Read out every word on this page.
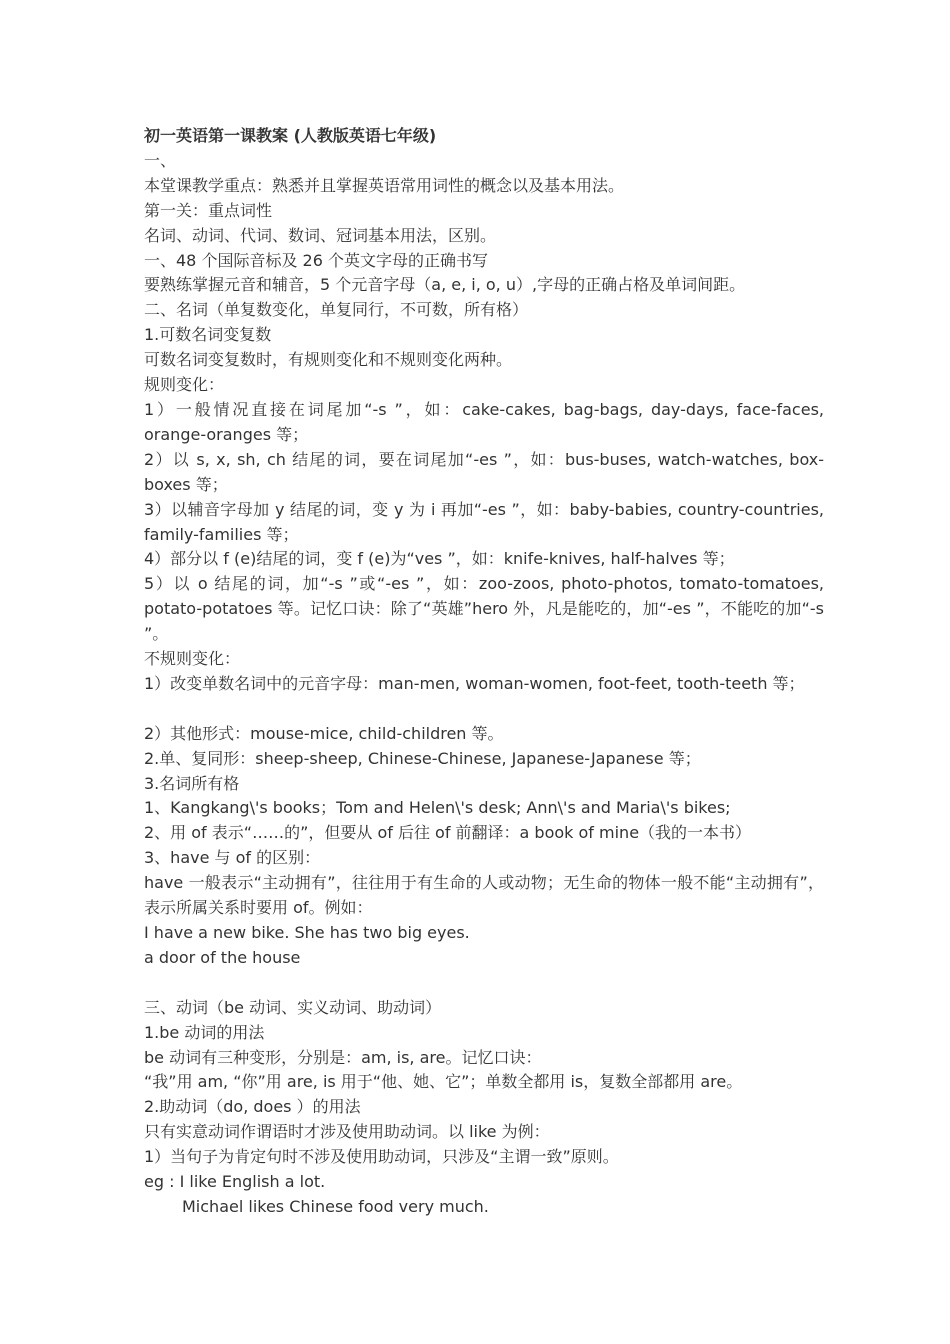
初一英语第一课教案 (人教版英语七年级)

一、

本堂课教学重点：熟悉并且掌握英语常用词性的概念以及基本用法。

第一关：重点词性

名词、动词、代词、数词、冠词基本用法，区别。

一、48 个国际音标及 26 个英文字母的正确书写

要熟练掌握元音和辅音，5 个元音字母（a, e, i, o, u）,字母的正确占格及单词间距。

二、名词（单复数变化，单复同行，不可数，所有格）

1.可数名词变复数

可数名词变复数时，有规则变化和不规则变化两种。

规则变化：

1）一般情况直接在词尾加“-s ”，如：cake-cakes, bag-bags, day-days, face-faces, orange-oranges 等；

2）以 s, x, sh, ch 结尾的词，要在词尾加“-es ”，如：bus-buses, watch-watches, box-boxes 等；

3）以辅音字母加 y 结尾的词，变 y 为 i 再加“-es ”，如：baby-babies, country-countries, family-families 等；

4）部分以 f (e)结尾的词，变 f (e)为“ves ”，如：knife-knives, half-halves 等；

5）以 o 结尾的词，加“-s ”或“-es ”，如：zoo-zoos, photo-photos, tomato-tomatoes, potato-potatoes 等。记忆口诀：除了“英雄”hero 外，凡是能吃的，加“-es ”，不能吃的加“-s ”。

不规则变化：

1）改变单数名词中的元音字母：man-men, woman-women, foot-feet, tooth-teeth 等；

2）其他形式：mouse-mice, child-children 等。

2.单、复同形：sheep-sheep, Chinese-Chinese, Japanese-Japanese 等；

3.名词所有格

1、Kangkang\'s books；Tom and Helen\'s desk; Ann\'s and Maria\'s bikes;

2、用 of 表示“……的”，但要从 of 后往 of 前翻译：a book of mine（我的一本书）

3、have 与 of 的区别：

have 一般表示“主动拥有”，往往用于有生命的人或动物；无生命的物体一般不能“主动拥有”，表示所属关系时要用 of。例如：

I have a new bike. She has two big eyes.

a door of the house

三、动词（be 动词、实义动词、助动词）

1.be 动词的用法

be 动词有三种变形，分别是：am, is, are。记忆口诀：

“我”用 am, “你”用 are, is 用于“他、她、它”；单数全都用 is，复数全部都用 are。

2.助动词（do, does ）的用法

只有实意动词作谓语时才涉及使用助动词。以 like 为例：

1）当句子为肯定句时不涉及使用助动词，只涉及“主谓一致”原则。

eg : I like English a lot.

Michael likes Chinese food very much.
